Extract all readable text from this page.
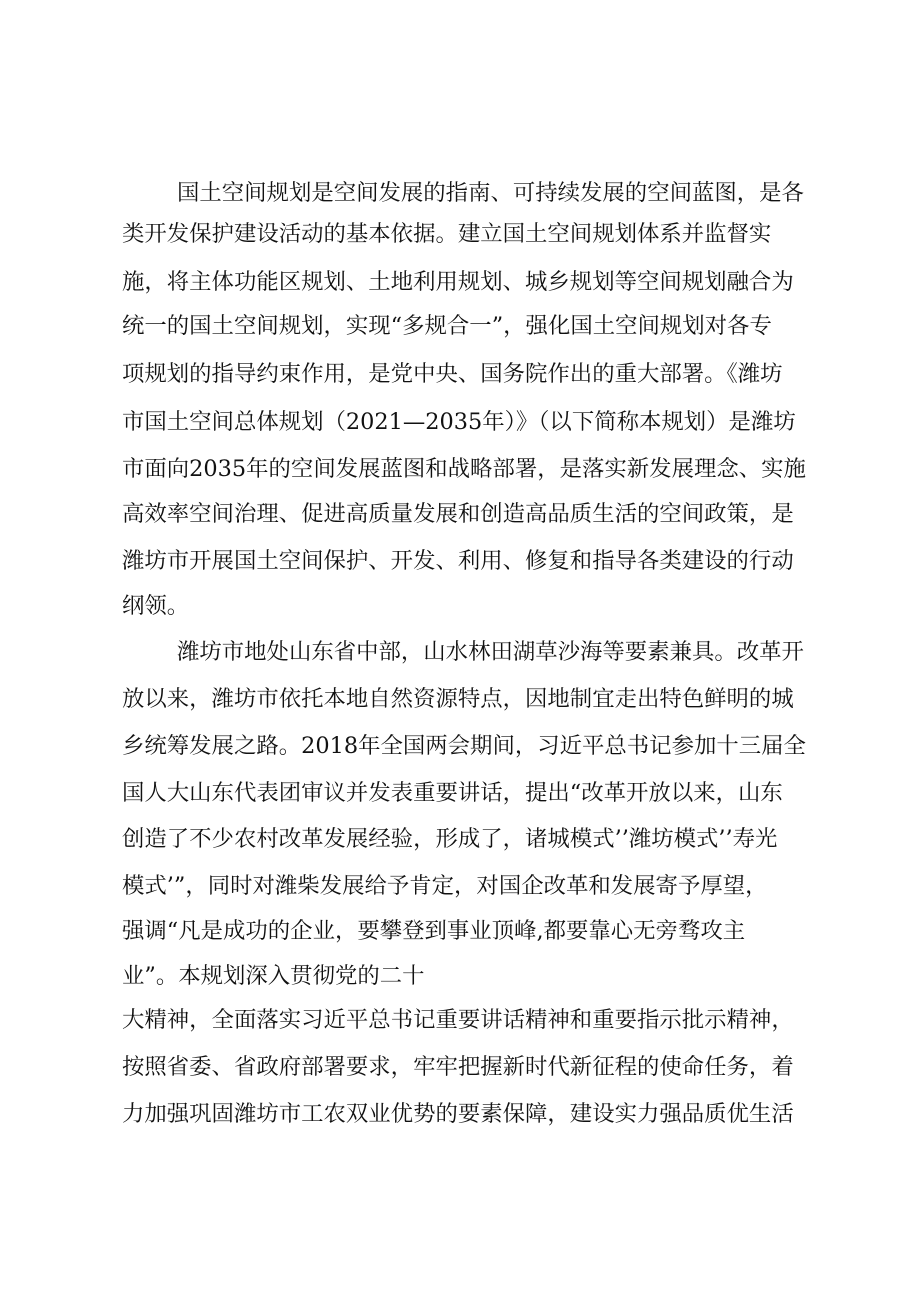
国土空间规划是空间发展的指南、可持续发展的空间蓝图，是各
类开发保护建设活动的基本依据。建立国土空间规划体系并监督实
施，将主体功能区规划、土地利用规划、城乡规划等空间规划融合为
统一的国土空间规划，实现“多规合一”，强化国土空间规划对各专
项规划的指导约束作用，是党中央、国务院作出的重大部署。《潍坊
市国土空间总体规划（2021—2035年）》（以下简称本规划）是潍坊
市面向2035年的空间发展蓝图和战略部署，是落实新发展理念、实施
高效率空间治理、促进高质量发展和创造高品质生活的空间政策，是
潍坊市开展国土空间保护、开发、利用、修复和指导各类建设的行动
纲领。
潍坊市地处山东省中部，山水林田湖草沙海等要素兼具。改革开
放以来，潍坊市依托本地自然资源特点，因地制宜走出特色鲜明的城
乡统筹发展之路。2018年全国两会期间，习近平总书记参加十三届全
国人大山东代表团审议并发表重要讲话，提出“改革开放以来，山东
创造了不少农村改革发展经验，形成了，诸城模式’’潍坊模式’’寿光
模式’”，同时对潍柴发展给予肯定，对国企改革和发展寄予厚望，
强调“凡是成功的企业，要攀登到事业顶峰,都要靠心无旁骛攻主
业”。本规划深入贯彻党的二十
大精神，全面落实习近平总书记重要讲话精神和重要指示批示精神，
按照省委、省政府部署要求，牢牢把握新时代新征程的使命任务，着
力加强巩固潍坊市工农双业优势的要素保障，建设实力强品质优生活
